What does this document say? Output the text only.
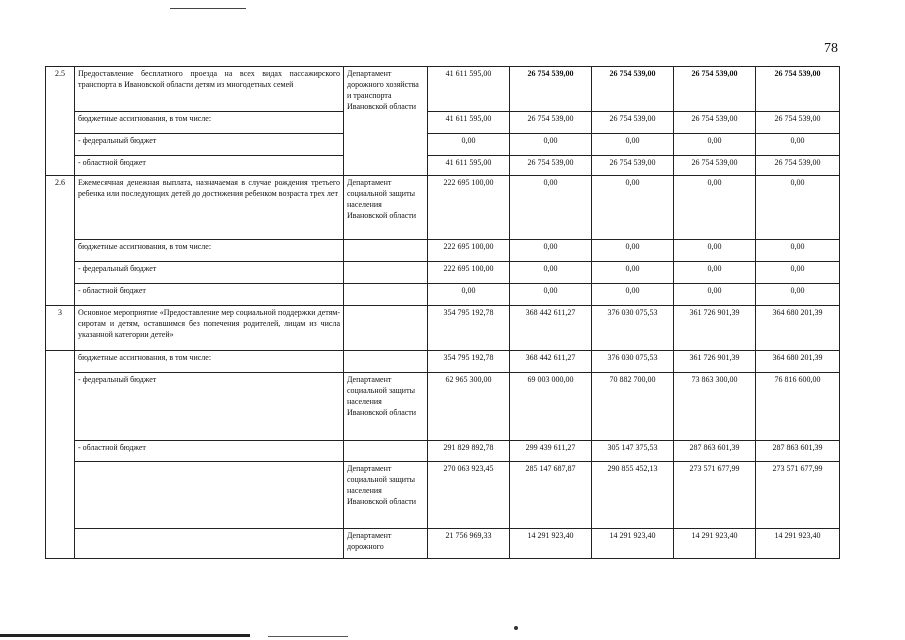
78
2.5	Предоставление бесплатного проезда на всех видах пассажирского транспорта в Ивановской области детям из многодетных семей	Департамент дорожного хозяйства и транспорта Ивановской области	41 611 595,00	26 754 539,00	26 754 539,00	26 754 539,00	26 754 539,00
	бюджетные ассигнования, в том числе:		41 611 595,00	26 754 539,00	26 754 539,00	26 754 539,00	26 754 539,00
	- федеральный бюджет		0,00	0,00	0,00	0,00	0,00
	- областной бюджет		41 611 595,00	26 754 539,00	26 754 539,00	26 754 539,00	26 754 539,00
2.6	Ежемесячная денежная выплата, назначаемая в случае рождения третьего ребенка или последующих детей до достижения ребенком возраста трех лет	Департамент социальной защиты населения Ивановской области	222 695 100,00	0,00	0,00	0,00	0,00
	бюджетные ассигнования, в том числе:		222 695 100,00	0,00	0,00	0,00	0,00
	- федеральный бюджет		222 695 100,00	0,00	0,00	0,00	0,00
	- областной бюджет		0,00	0,00	0,00	0,00	0,00
3	Основное мероприятие «Предоставление мер социальной поддержки детям-сиротам и детям, оставшимся без попечения родителей, лицам из числа указанной категории детей»		354 795 192,78	368 442 611,27	376 030 075,53	361 726 901,39	364 680 201,39
	бюджетные ассигнования, в том числе:		354 795 192,78	368 442 611,27	376 030 075,53	361 726 901,39	364 680 201,39
	- федеральный бюджет	Департамент социальной защиты населения Ивановской области	62 965 300,00	69 003 000,00	70 882 700,00	73 863 300,00	76 816 600,00
	- областной бюджет		291 829 892,78	299 439 611,27	305 147 375,53	287 863 601,39	287 863 601,39
		Департамент социальной защиты населения Ивановской области	270 063 923,45	285 147 687,87	290 855 452,13	273 571 677,99	273 571 677,99
		Департамент дорожного	21 756 969,33	14 291 923,40	14 291 923,40	14 291 923,40	14 291 923,40
